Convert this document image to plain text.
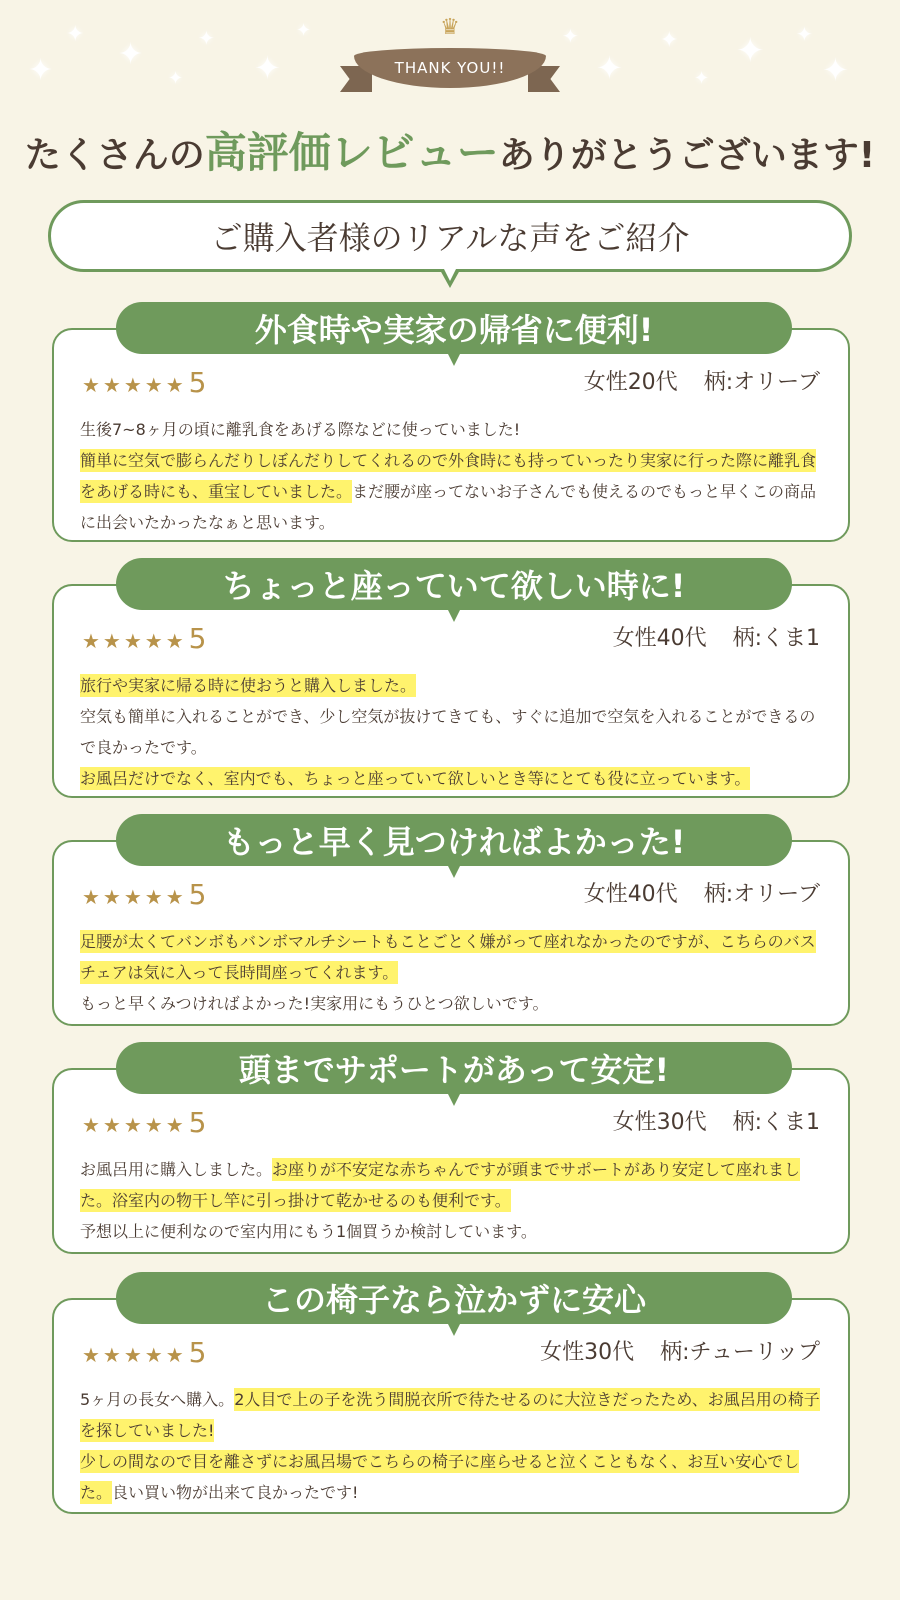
✦
✦
✦
✦
✦
✦
✦	✦
✦
✦
✦
✦ ✦
✦
♛
THANK YOU!!
たくさんの高評価レビューありがとうございます!
ご購入者様のリアルな声をご紹介
外食時や実家の帰省に便利!
★★★★★5	女性20代 柄:オリーブ

生後7~8ヶ月の頃に離乳食をあげる際などに使っていました!

簡単に空気で膨らんだりしぼんだりしてくれるので外食時にも持っていったり実家に行った際に離乳食をあげる時にも、重宝していました。まだ腰が座ってないお子さんでも使えるのでもっと早くこの商品に出会いたかったなぁと思います。

ちょっと座っていて欲しい時に!
★★★★★5	女性40代 柄:くま1

旅行や実家に帰る時に使おうと購入しました。

空気も簡単に入れることができ、少し空気が抜けてきても、すぐに追加で空気を入れることができるので良かったです。

お風呂だけでなく、室内でも、ちょっと座っていて欲しいとき等にとても役に立っています。

もっと早く見つければよかった!
★★★★★5	女性40代 柄:オリーブ

足腰が太くてバンボもバンボマルチシートもことごとく嫌がって座れなかったのですが、こちらのバスチェアは気に入って長時間座ってくれます。

もっと早くみつければよかった!実家用にもうひとつ欲しいです。

頭までサポートがあって安定!
★★★★★5	女性30代 柄:くま1

お風呂用に購入しました。お座りが不安定な赤ちゃんですが頭までサポートがあり安定して座れました。浴室内の物干し竿に引っ掛けて乾かせるのも便利です。

予想以上に便利なので室内用にもう1個買うか検討しています。

この椅子なら泣かずに安心
★★★★★5	女性30代 柄:チューリップ

5ヶ月の長女へ購入。2人目で上の子を洗う間脱衣所で待たせるのに大泣きだったため、お風呂用の椅子を探していました!

少しの間なので目を離さずにお風呂場でこちらの椅子に座らせると泣くこともなく、お互い安心でした。良い買い物が出来て良かったです!
